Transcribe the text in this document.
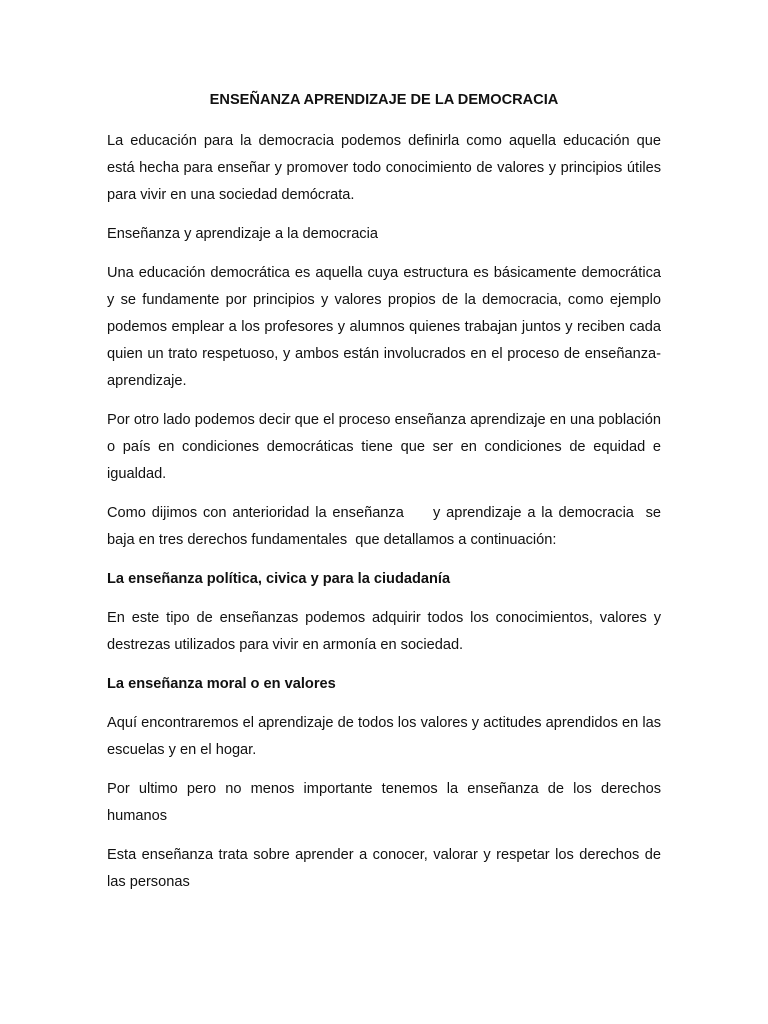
ENSEÑANZA APRENDIZAJE DE LA DEMOCRACIA

La educación para la democracia podemos definirla como aquella educación que está hecha para enseñar y promover todo conocimiento de valores y principios útiles para vivir en una sociedad demócrata.

Enseñanza y aprendizaje a la democracia

Una educación democrática es aquella cuya estructura es básicamente democrática y se fundamente por principios y valores propios de la democracia, como ejemplo podemos emplear a los profesores y alumnos quienes trabajan juntos y reciben cada quien un trato respetuoso, y ambos están involucrados en el proceso de enseñanza-aprendizaje.

Por otro lado podemos decir que el proceso enseñanza aprendizaje en una población o país en condiciones democráticas tiene que ser en condiciones de equidad e igualdad.

Como dijimos con anterioridad la enseñanza     y aprendizaje a la democracia  se baja en tres derechos fundamentales  que detallamos a continuación:

La enseñanza política, civica y para la ciudadanía

En este tipo de enseñanzas podemos adquirir todos los conocimientos, valores y destrezas utilizados para vivir en armonía en sociedad.

La enseñanza moral o en valores

Aquí encontraremos el aprendizaje de todos los valores y actitudes aprendidos en las escuelas y en el hogar.

Por ultimo pero no menos importante tenemos la enseñanza de los derechos humanos

Esta enseñanza trata sobre aprender a conocer, valorar y respetar los derechos de las personas
